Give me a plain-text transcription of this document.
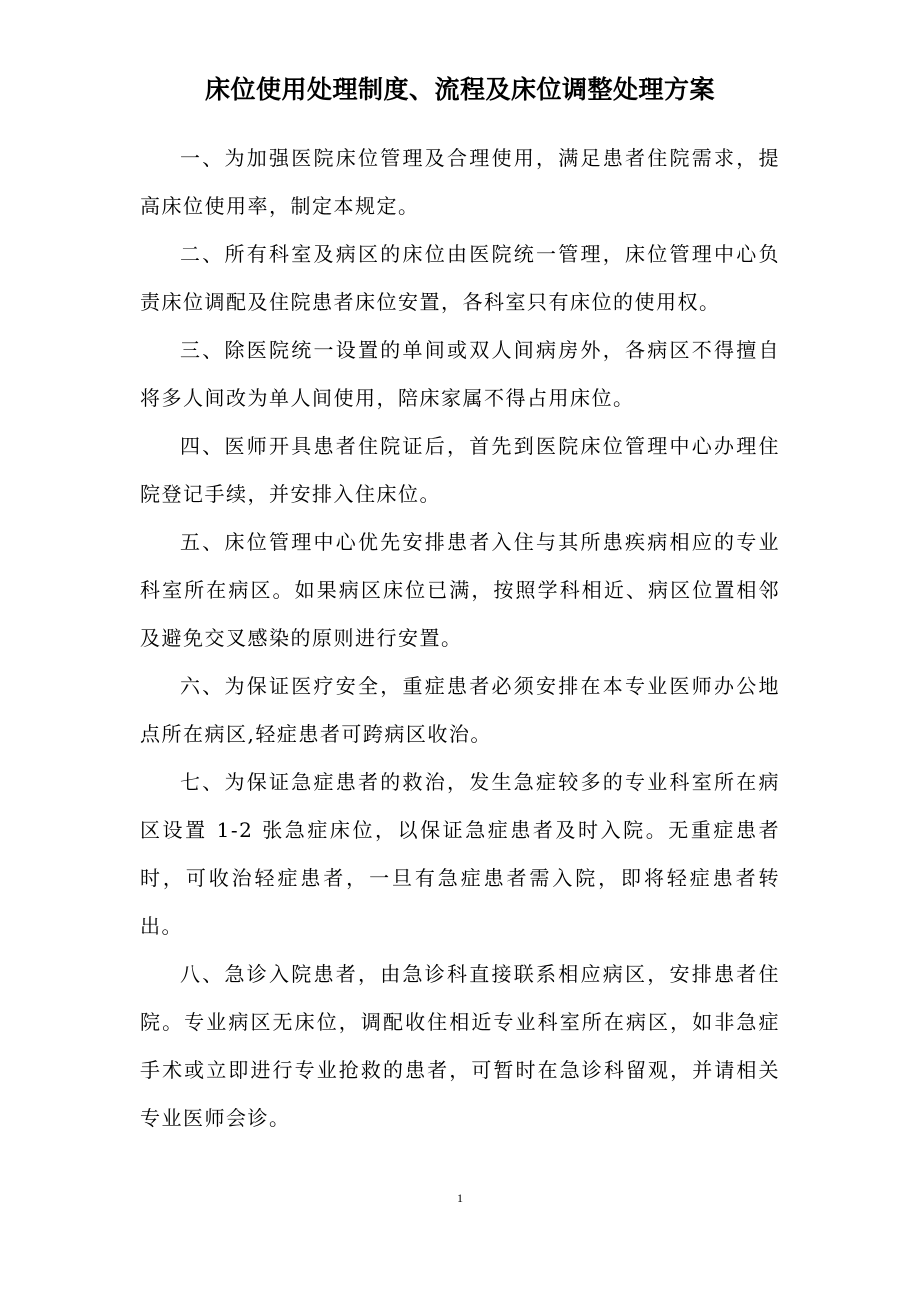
床位使用处理制度、流程及床位调整处理方案

一、为加强医院床位管理及合理使用，满足患者住院需求，提高床位使用率，制定本规定。

二、所有科室及病区的床位由医院统一管理，床位管理中心负责床位调配及住院患者床位安置，各科室只有床位的使用权。

三、除医院统一设置的单间或双人间病房外，各病区不得擅自将多人间改为单人间使用，陪床家属不得占用床位。

四、医师开具患者住院证后，首先到医院床位管理中心办理住院登记手续，并安排入住床位。

五、床位管理中心优先安排患者入住与其所患疾病相应的专业科室所在病区。如果病区床位已满，按照学科相近、病区位置相邻及避免交叉感染的原则进行安置。

六、为保证医疗安全，重症患者必须安排在本专业医师办公地点所在病区,轻症患者可跨病区收治。

七、为保证急症患者的救治，发生急症较多的专业科室所在病区设置 1-2 张急症床位，以保证急症患者及时入院。无重症患者时，可收治轻症患者，一旦有急症患者需入院，即将轻症患者转出。

八、急诊入院患者，由急诊科直接联系相应病区，安排患者住院。专业病区无床位，调配收住相近专业科室所在病区，如非急症手术或立即进行专业抢救的患者，可暂时在急诊科留观，并请相关专业医师会诊。

1
